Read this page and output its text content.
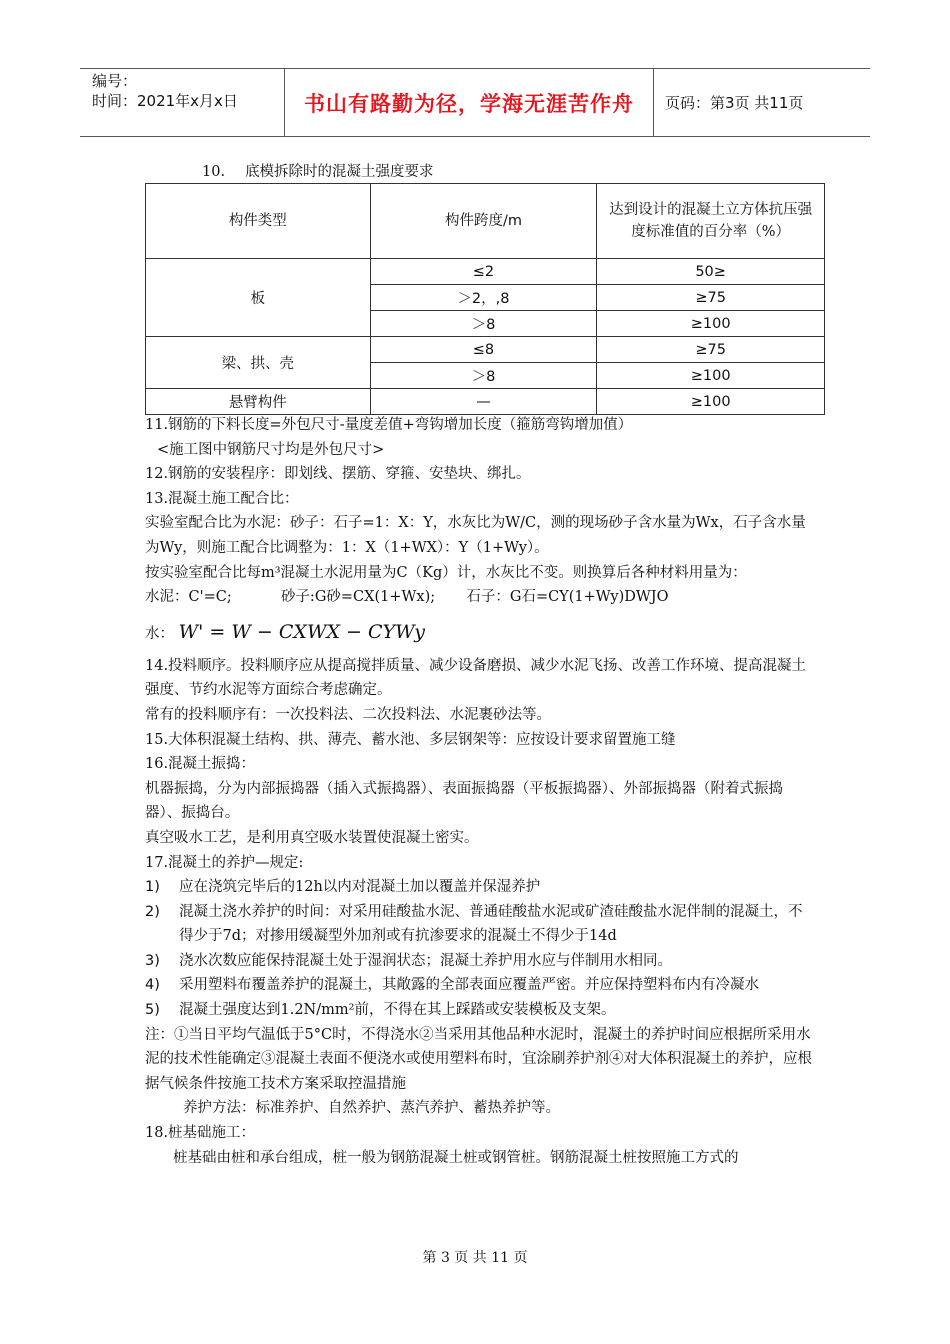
编号：
时间：2021年x月x日	书山有路勤为径，学海无涯苦作舟 页码：第3页 共11页
10. 底模拆除时的混凝土强度要求
构件类型	构件跨度/m	达到设计的混凝土立方体抗压强度标准值的百分率（%）

板	≤2	50≥
	＞2，,8	≥75
	＞8	≥100
梁、拱、壳	≤8	≥75
	＞8	≥100
悬臂构件	—	≥100

11.钢筋的下料长度=外包尺寸-量度差值+弯钩增加长度（箍筋弯钩增加值）

<施工图中钢筋尺寸均是外包尺寸>

12.钢筋的安装程序：即划线、摆筋、穿箍、安垫块、绑扎。

13.混凝土施工配合比：

实验室配合比为水泥：砂子：石子=1：X：Y，水灰比为W/C，测的现场砂子含水量为Wx，石子含水量为Wy，则施工配合比调整为：1：X（1+WX）：Y（1+Wy）。

按实验室配合比每m³混凝土水泥用量为C（Kg）计，水灰比不变。则换算后各种材料用量为：

水泥：C'=C;	砂子:G砂=CX(1+Wx); 石子：G石=CY(1+Wy)DWJO

水： W' = W − CXWX − CYWy

14.投料顺序。投料顺序应从提高搅拌质量、减少设备磨损、减少水泥飞扬、改善工作环境、提高混凝土强度、节约水泥等方面综合考虑确定。

常有的投料顺序有：一次投料法、二次投料法、水泥裹砂法等。

15.大体积混凝土结构、拱、薄壳、蓄水池、多层钢架等：应按设计要求留置施工缝

16.混凝土振捣：

机器振捣，分为内部振捣器（插入式振捣器）、表面振捣器（平板振捣器）、外部振捣器（附着式振捣器）、振捣台。

真空吸水工艺，是利用真空吸水装置使混凝土密实。

17.混凝土的养护—规定:

1)	应在浇筑完毕后的12h以内对混凝土加以覆盖并保湿养护
2)	混凝土浇水养护的时间：对采用硅酸盐水泥、普通硅酸盐水泥或矿渣硅酸盐水泥伴制的混凝土，不得少于7d；对掺用缓凝型外加剂或有抗渗要求的混凝土不得少于14d
3)	浇水次数应能保持混凝土处于湿润状态；混凝土养护用水应与伴制用水相同。
4)	采用塑料布覆盖养护的混凝土，其敞露的全部表面应覆盖严密。并应保持塑料布内有冷凝水
5)	混凝土强度达到1.2N/mm²前，不得在其上踩踏或安装模板及支架。

注：①当日平均气温低于5°C时，不得浇水②当采用其他品种水泥时，混凝土的养护时间应根据所采用水泥的技术性能确定③混凝土表面不便浇水或使用塑料布时，宜涂刷养护剂④对大体积混凝土的养护，应根据气候条件按施工技术方案采取控温措施

养护方法：标准养护、自然养护、蒸汽养护、蓄热养护等。

18.桩基础施工：

桩基础由桩和承台组成，桩一般为钢筋混凝土桩或钢管桩。钢筋混凝土桩按照施工方式的

第 3 页 共 11 页
